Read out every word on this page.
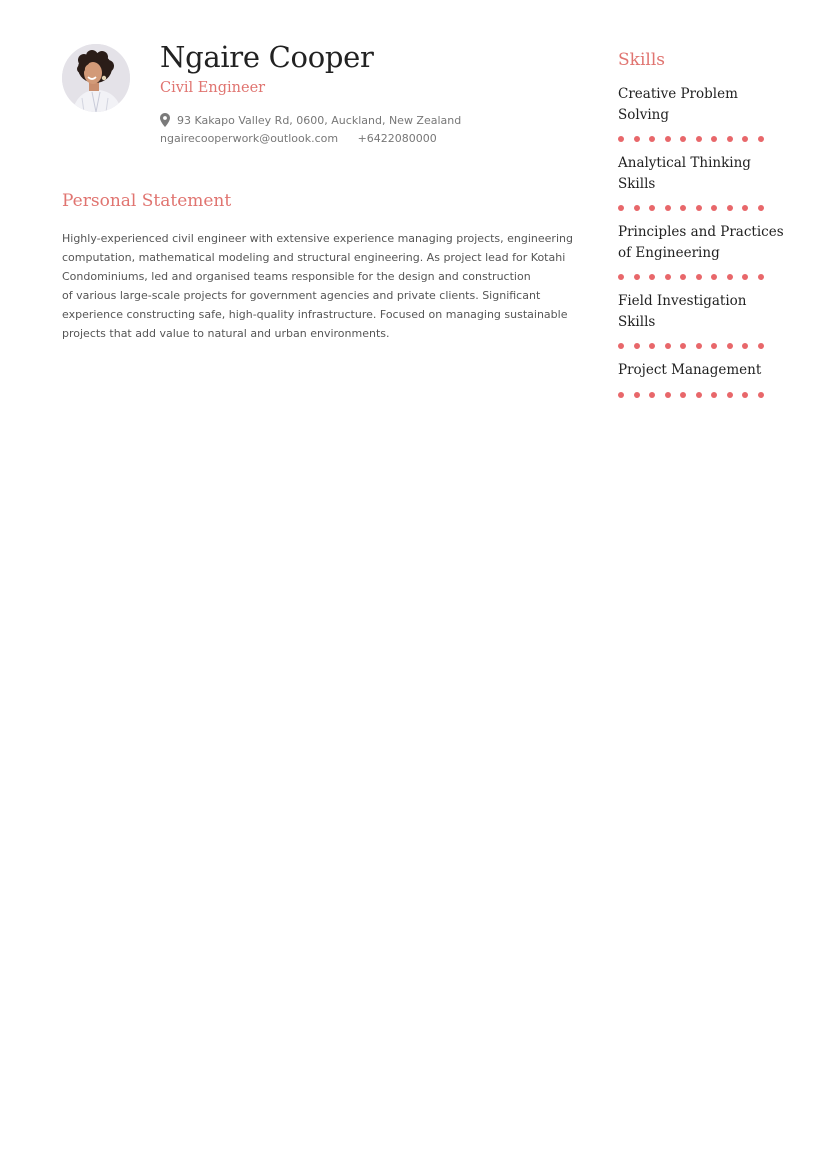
Ngaire Cooper
Civil Engineer
93 Kakapo Valley Rd, 0600, Auckland, New Zealand
ngairecooperwork@outlook.com +6422080000
Personal Statement
Highly-experienced civil engineer with extensive experience managing projects, engineering
computation, mathematical modeling and structural engineering. As project lead for Kotahi
Condominiums, led and organised teams responsible for the design and construction
of various large-scale projects for government agencies and private clients. Significant
experience constructing safe, high-quality infrastructure. Focused on managing sustainable
projects that add value to natural and urban environments.
Skills
Creative Problem
Solving
Analytical Thinking
Skills
Principles and Practices
of Engineering
Field Investigation
Skills
Project Management
